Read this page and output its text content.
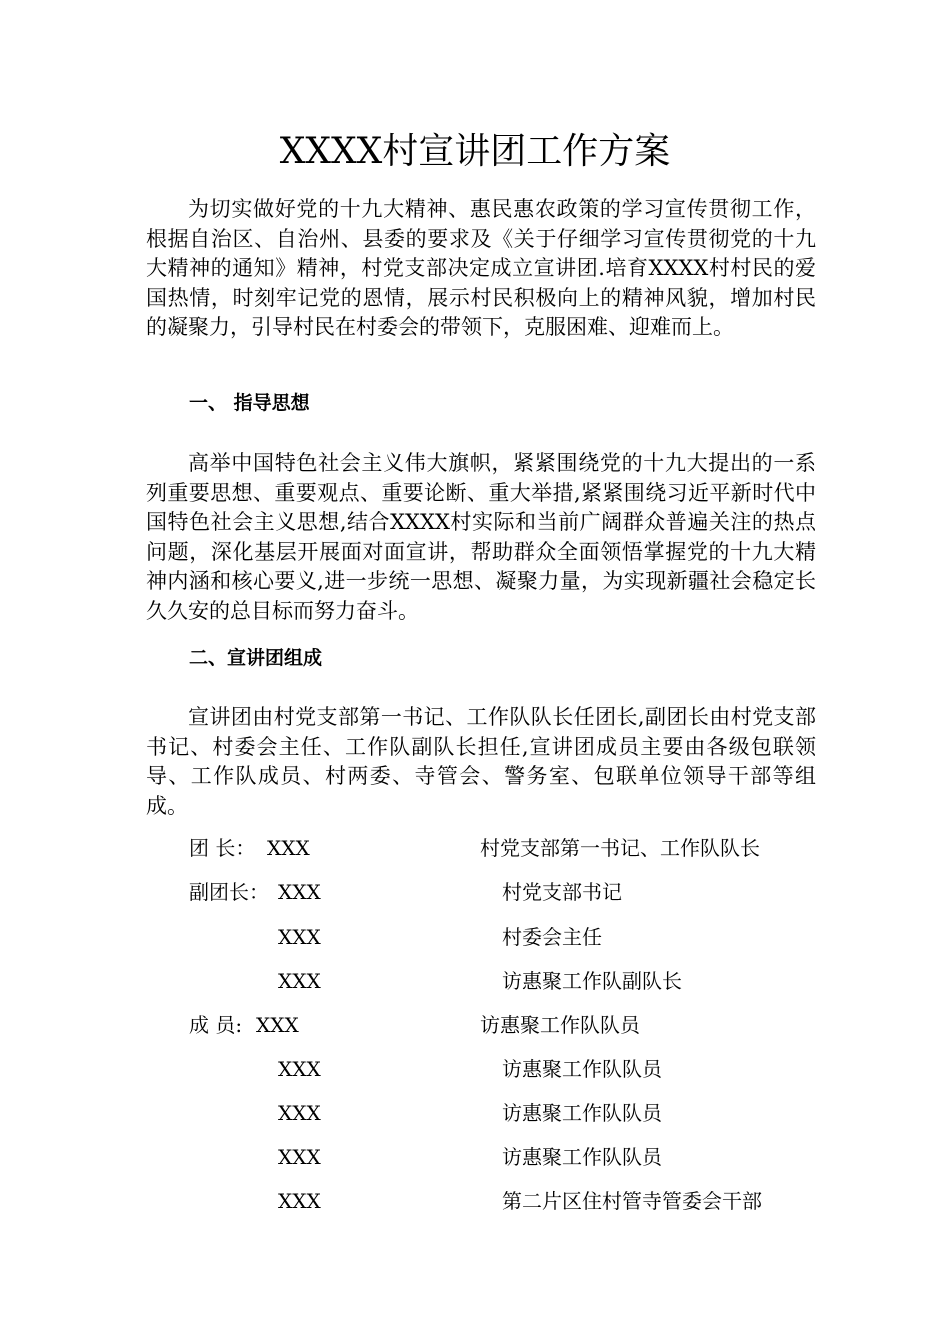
XXXX村宣讲团工作方案

为切实做好党的十九大精神、惠民惠农政策的学习宣传贯彻工作，根据自治区、自治州、县委的要求及《关于仔细学习宣传贯彻党的十九大精神的通知》精神，村党支部决定成立宣讲团.培育XXXX村村民的爱国热情，时刻牢记党的恩情，展示村民积极向上的精神风貌，增加村民的凝聚力，引导村民在村委会的带领下，克服困难、迎难而上。

一、 指导思想

高举中国特色社会主义伟大旗帜，紧紧围绕党的十九大提出的一系列重要思想、重要观点、重要论断、重大举措,紧紧围绕习近平新时代中国特色社会主义思想,结合XXXX村实际和当前广阔群众普遍关注的热点问题，深化基层开展面对面宣讲，帮助群众全面领悟掌握党的十九大精神内涵和核心要义,进一步统一思想、凝聚力量，为实现新疆社会稳定长久久安的总目标而努力奋斗。

二、宣讲团组成

宣讲团由村党支部第一书记、工作队队长任团长,副团长由村党支部书记、村委会主任、工作队副队长担任,宣讲团成员主要由各级包联领导、工作队成员、村两委、寺管会、警务室、包联单位领导干部等组成。

团 长： XXX	村党支部第一书记、工作队队长
副团长： XXX	村党支部书记
XXX	村委会主任
XXX	访惠聚工作队副队长
成 员: XXX	访惠聚工作队队员
XXX	访惠聚工作队队员
XXX	访惠聚工作队队员
XXX	访惠聚工作队队员
XXX	第二片区住村管寺管委会干部
